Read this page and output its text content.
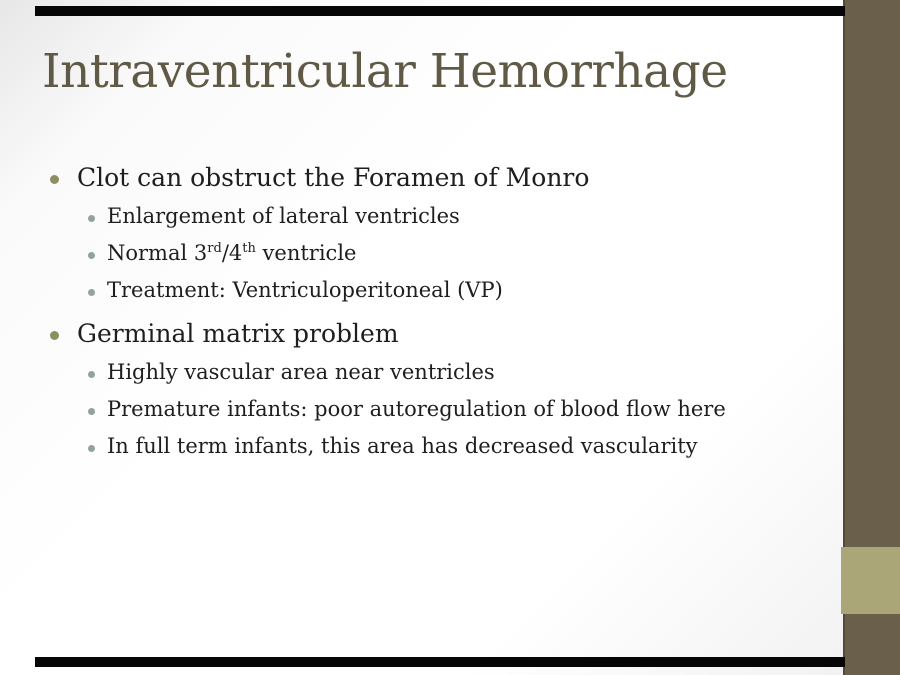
Intraventricular Hemorrhage
Clot can obstruct the Foramen of Monro
Enlargement of lateral ventricles
Normal 3rd/4th ventricle
Treatment: Ventriculoperitoneal (VP)
Germinal matrix problem
Highly vascular area near ventricles
Premature infants: poor autoregulation of blood flow here
In full term infants, this area has decreased vascularity
